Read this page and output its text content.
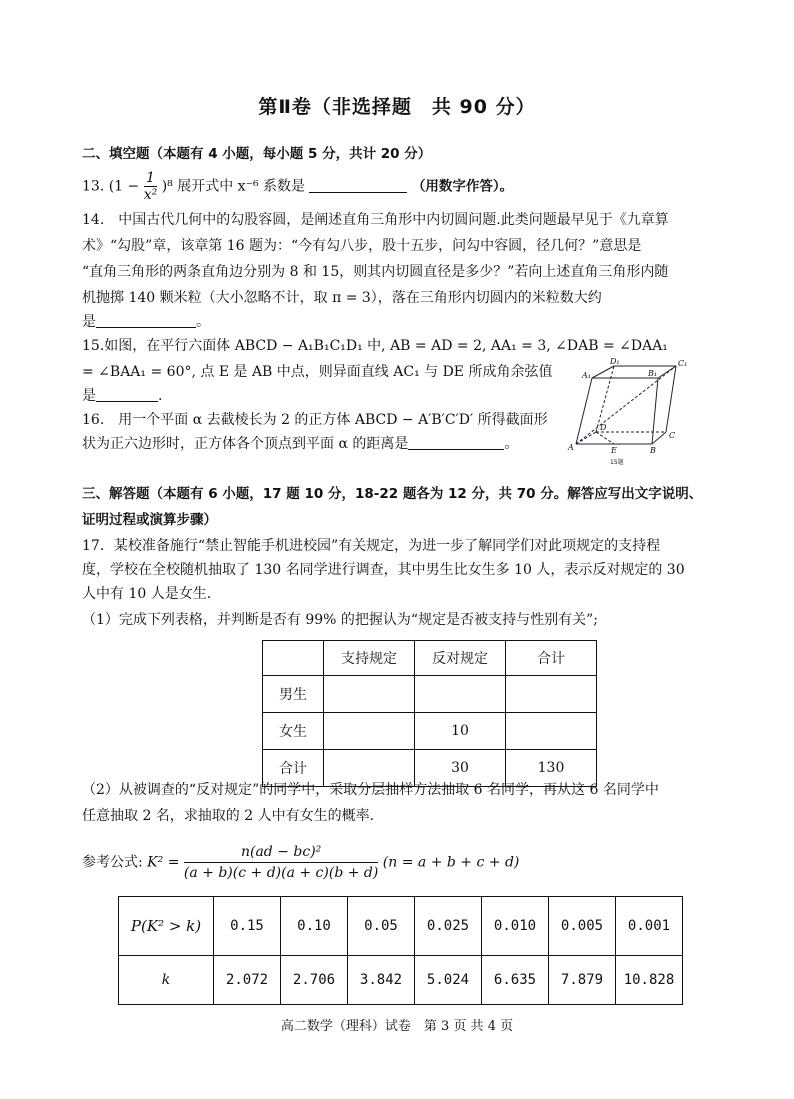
第Ⅱ卷（非选择题　共 90 分）
二、填空题（本题有 4 小题，每小题 5 分，共计 20 分）
13. $(1 - \frac{1}{\text{x²}} )^8$ 展开式中 x⁻⁶ 系数是	（用数字作答）。
14.　中国古代几何中的勾股容圆，是阐述直角三角形中内切圆问题.此类问题最早见于《九章算
术》“勾股”章，该章第 16 题为：“今有勾八步，股十五步，问勾中容圆，径几何？”意思是
“直角三角形的两条直角边分别为 8 和 15，则其内切圆直径是多少？”若向上述直角三角形内随
机抛掷 140 颗米粒（大小忽略不计，取 π = 3），落在三角形内切圆内的米粒数大约
是	。
15.如图，在平行六面体 ABCD − A₁B₁C₁D₁ 中, AB = AD = 2, AA₁ = 3, ∠DAB = ∠DAA₁
= ∠BAA₁ = 60°, 点 E 是 AB 中点，则异面直线 AC₁ 与 DE 所成角余弦值
是	.
16.　用一个平面 α 去截棱长为 2 的正方体 ABCD − A′B′C′D′ 所得截面形
状为正六边形时，正方体各个顶点到平面 α 的距离是	。
D₁	C₁
A₁	B₁
D
C
A	E	B
15题
三、解答题（本题有 6 小题，17 题 10 分，18-22 题各为 12 分，共 70 分。解答应写出文字说明、
证明过程或演算步骤）
17．某校准备施行“禁止智能手机进校园”有关规定，为进一步了解同学们对此项规定的支持程
度，学校在全校随机抽取了 130 名同学进行调查，其中男生比女生多 10 人，表示反对规定的 30
人中有 10 人是女生.
（1）完成下列表格，并判断是否有 99% 的把握认为“规定是否被支持与性别有关”;
	支持规定	反对规定	合计
男生			
女生		10	
合计		30	130
（2）从被调查的“反对规定”的同学中，采取分层抽样方法抽取 6 名同学，再从这 6 名同学中
任意抽取 2 名，求抽取的 2 人中有女生的概率.
参考公式: $K^2 = \frac{\text{n(ad − bc)²}}{(a + b)(c + d)(a + c)(b + d)} (n = a + b + c + d)$
P(K² > k)	0.15	0.10	0.05	0.025	0.010	0.005	0.001
k	2.072	2.706	3.842	5.024	6.635	7.879	10.828
高二数学（理科）试卷　第 3 页 共 4 页
